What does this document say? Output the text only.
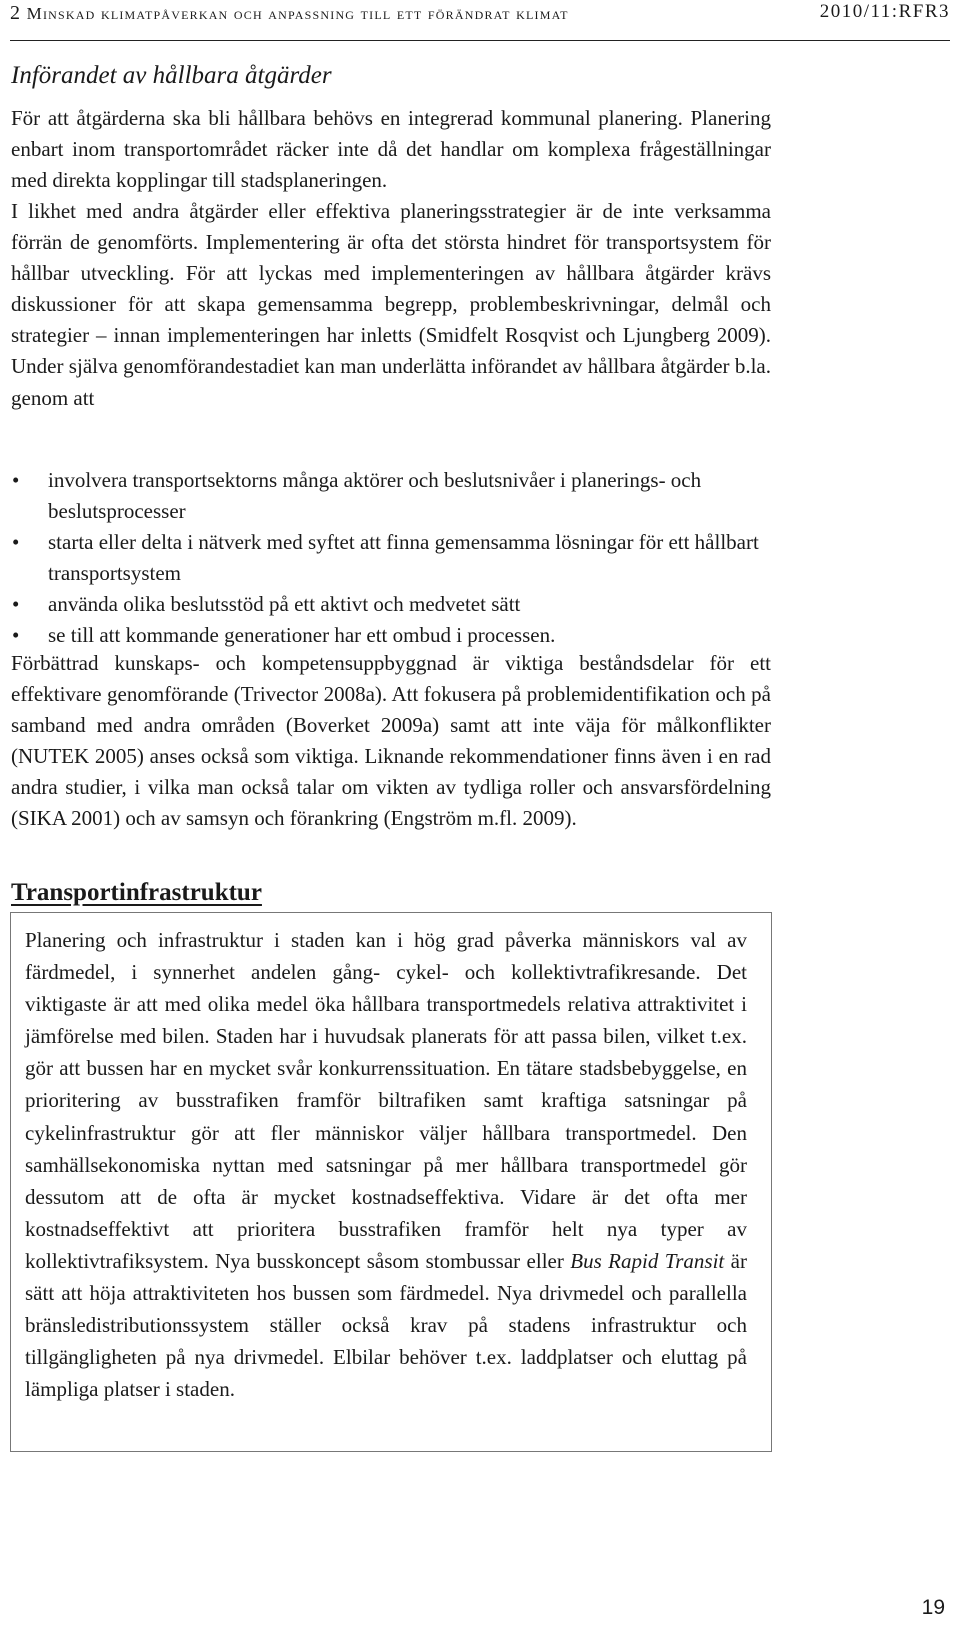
2 Minskad klimatpåverkan och anpassning till ett förändrat klimat	2010/11:RFR3
Införandet av hållbara åtgärder

För att åtgärderna ska bli hållbara behövs en integrerad kommunal planering. Planering enbart inom transportområdet räcker inte då det handlar om komplexa frågeställningar med direkta kopplingar till stadsplaneringen.

I likhet med andra åtgärder eller effektiva planeringsstrategier är de inte verksamma förrän de genomförts. Implementering är ofta det största hindret för transportsystem för hållbar utveckling. För att lyckas med implementeringen av hållbara åtgärder krävs diskussioner för att skapa gemensamma begrepp, problembeskrivningar, delmål och strategier – innan implementeringen har inletts (Smidfelt Rosqvist och Ljungberg 2009). Under själva genomförandestadiet kan man underlätta införandet av hållbara åtgärder b.la. genom att

• involvera transportsektorns många aktörer och beslutsnivåer i planerings- och beslutsprocesser
• starta eller delta i nätverk med syftet att finna gemensamma lösningar för ett hållbart transportsystem
• använda olika beslutsstöd på ett aktivt och medvetet sätt
• se till att kommande generationer har ett ombud i processen.

Förbättrad kunskaps- och kompetensuppbyggnad är viktiga beståndsdelar för ett effektivare genomförande (Trivector 2008a). Att fokusera på problemidentifikation och på samband med andra områden (Boverket 2009a) samt att inte väja för målkonflikter (NUTEK 2005) anses också som viktiga. Liknande rekommendationer finns även i en rad andra studier, i vilka man också talar om vikten av tydliga roller och ansvarsfördelning (SIKA 2001) och av samsyn och förankring (Engström m.fl. 2009).

Transportinfrastruktur

Planering och infrastruktur i staden kan i hög grad påverka människors val av färdmedel, i synnerhet andelen gång- cykel- och kollektivtrafikresande. Det viktigaste är att med olika medel öka hållbara transportmedels relativa attraktivitet i jämförelse med bilen. Staden har i huvudsak planerats för att passa bilen, vilket t.ex. gör att bussen har en mycket svår konkurrenssituation. En tätare stadsbebyggelse, en prioritering av busstrafiken framför biltrafiken samt kraftiga satsningar på cykelinfrastruktur gör att fler människor väljer hållbara transportmedel. Den samhällsekonomiska nyttan med satsningar på mer hållbara transportmedel gör dessutom att de ofta är mycket kostnadseffektiva. Vidare är det ofta mer kostnadseffektivt att prioritera busstrafiken framför helt nya typer av kollektivtrafiksystem. Nya busskoncept såsom stombussar eller Bus Rapid Transit är sätt att höja attraktiviteten hos bussen som färdmedel. Nya drivmedel och parallella bränsledistributionssystem ställer också krav på stadens infrastruktur och tillgängligheten på nya drivmedel. Elbilar behöver t.ex. laddplatser och eluttag på lämpliga platser i staden.

19
